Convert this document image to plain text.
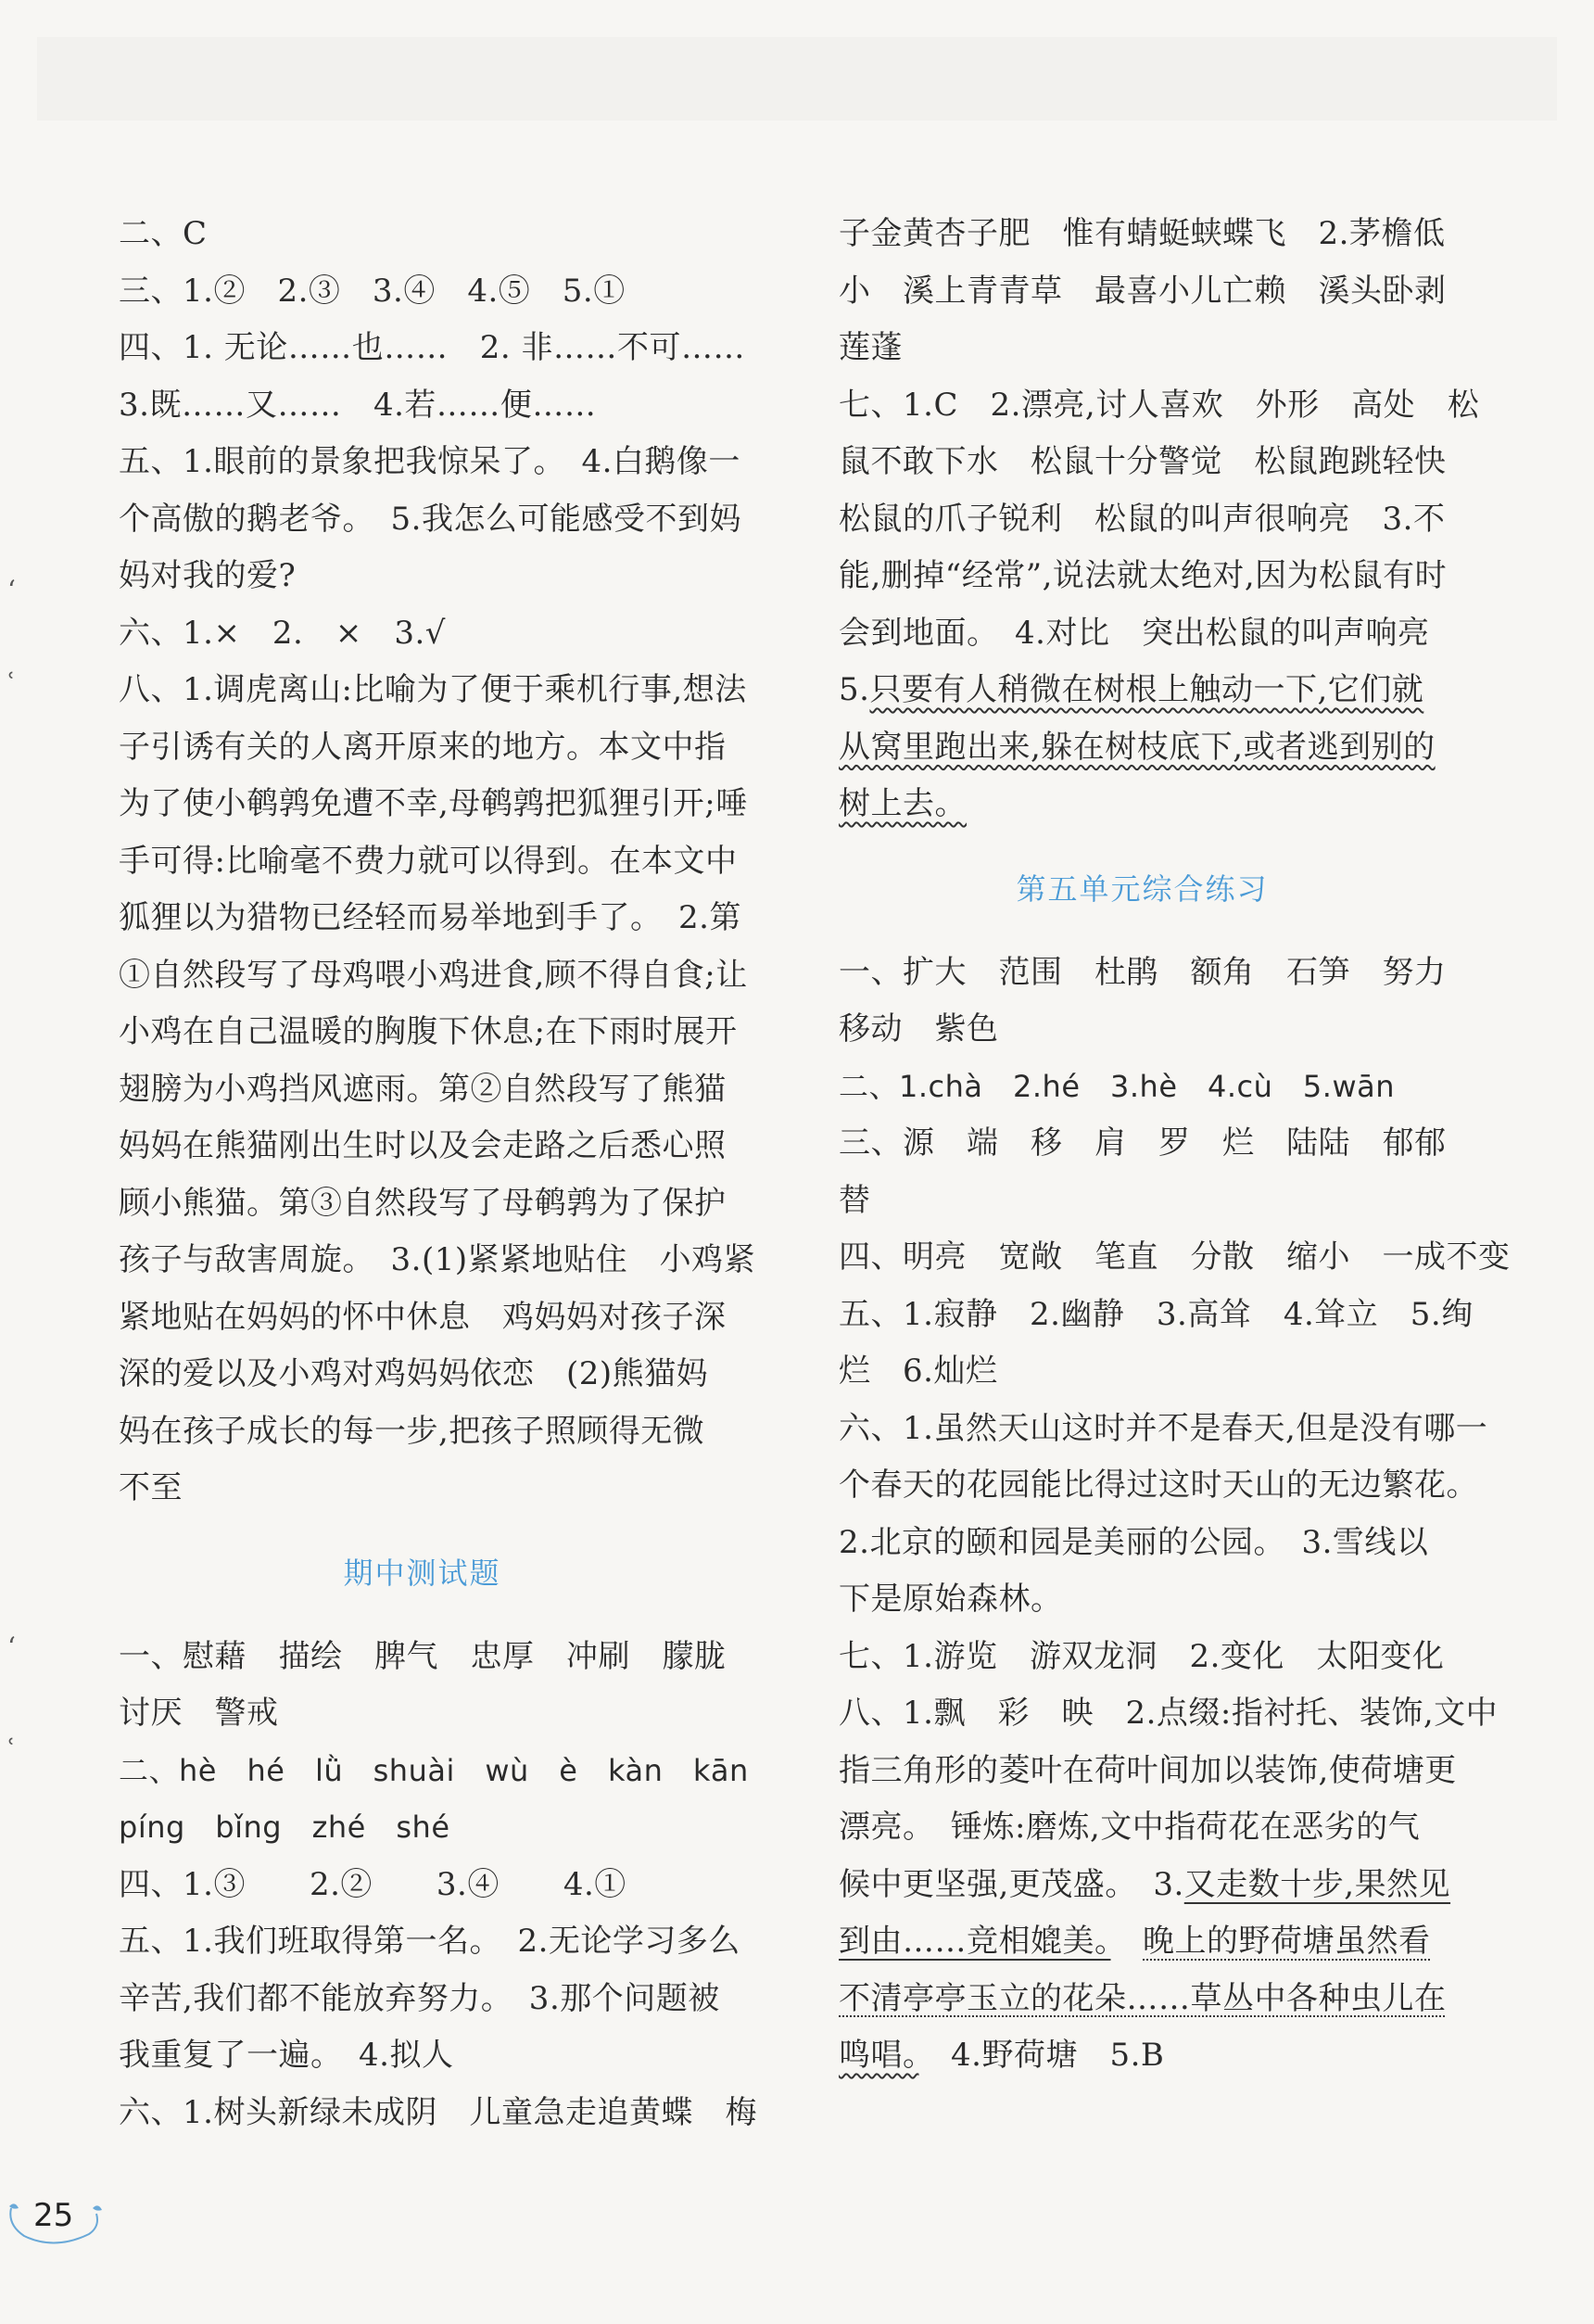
ʻ
ʿ
ʻ
ʿ
二、C
三、1.②　2.③　3.④　4.⑤　5.①
四、1. 无论……也……　2. 非……不可……
3.既……又……　4.若……便……
五、1.眼前的景象把我惊呆了。　4.白鹅像一
个高傲的鹅老爷。　5.我怎么可能感受不到妈
妈对我的爱?
六、1.×　2.　×　3.√
八、1.调虎离山:比喻为了便于乘机行事,想法
子引诱有关的人离开原来的地方。本文中指
为了使小鹌鹑免遭不幸,母鹌鹑把狐狸引开;唾
手可得:比喻毫不费力就可以得到。在本文中
狐狸以为猎物已经轻而易举地到手了。　2.第
①自然段写了母鸡喂小鸡进食,顾不得自食;让
小鸡在自己温暖的胸腹下休息;在下雨时展开
翅膀为小鸡挡风遮雨。第②自然段写了熊猫
妈妈在熊猫刚出生时以及会走路之后悉心照
顾小熊猫。第③自然段写了母鹌鹑为了保护
孩子与敌害周旋。　3.(1)紧紧地贴住　小鸡紧
紧地贴在妈妈的怀中休息　鸡妈妈对孩子深
深的爱以及小鸡对鸡妈妈依恋　(2)熊猫妈
妈在孩子成长的每一步,把孩子照顾得无微
不至
期中测试题
一、慰藉　描绘　脾气　忠厚　冲刷　朦胧
讨厌　警戒
二、hè　hé　lǜ　shuài　wù　è　kàn　kān
píng　bǐng　zhé　shé
四、1.③　　2.②　　3.④　　4.①
五、1.我们班取得第一名。　2.无论学习多么
辛苦,我们都不能放弃努力。　3.那个问题被
我重复了一遍。　4.拟人
六、1.树头新绿未成阴　儿童急走追黄蝶　梅
子金黄杏子肥　惟有蜻蜓蛱蝶飞　2.茅檐低
小　溪上青青草　最喜小儿亡赖　溪头卧剥
莲蓬
七、1.C　2.漂亮,讨人喜欢　外形　高处　松
鼠不敢下水　松鼠十分警觉　松鼠跑跳轻快
松鼠的爪子锐利　松鼠的叫声很响亮　3.不
能,删掉“经常”,说法就太绝对,因为松鼠有时
会到地面。　4.对比　突出松鼠的叫声响亮
5.只要有人稍微在树根上触动一下,它们就
从窝里跑出来,躲在树枝底下,或者逃到别的
树上去。
第五单元综合练习
一、扩大　范围　杜鹃　额角　石笋　努力
移动　紫色
二、1.chà　2.hé　3.hè　4.cù　5.wān
三、源　端　移　肩　罗　烂　陆陆　郁郁
替
四、明亮　宽敞　笔直　分散　缩小　一成不变
五、1.寂静　2.幽静　3.高耸　4.耸立　5.绚
烂　6.灿烂
六、1.虽然天山这时并不是春天,但是没有哪一
个春天的花园能比得过这时天山的无边繁花。
2.北京的颐和园是美丽的公园。　3.雪线以
下是原始森林。
七、1.游览　游双龙洞　2.变化　太阳变化
八、1.飘　彩　映　2.点缀:指衬托、装饰,文中
指三角形的菱叶在荷叶间加以装饰,使荷塘更
漂亮。　锤炼:磨炼,文中指荷花在恶劣的气
候中更坚强,更茂盛。　 3.又走数十步,果然见
到由……竞相媲美。　 晚上的野荷塘虽然看
不清亭亭玉立的花朵……草丛中各种虫儿在
鸣唱。　 4.野荷塘　5.B
25
